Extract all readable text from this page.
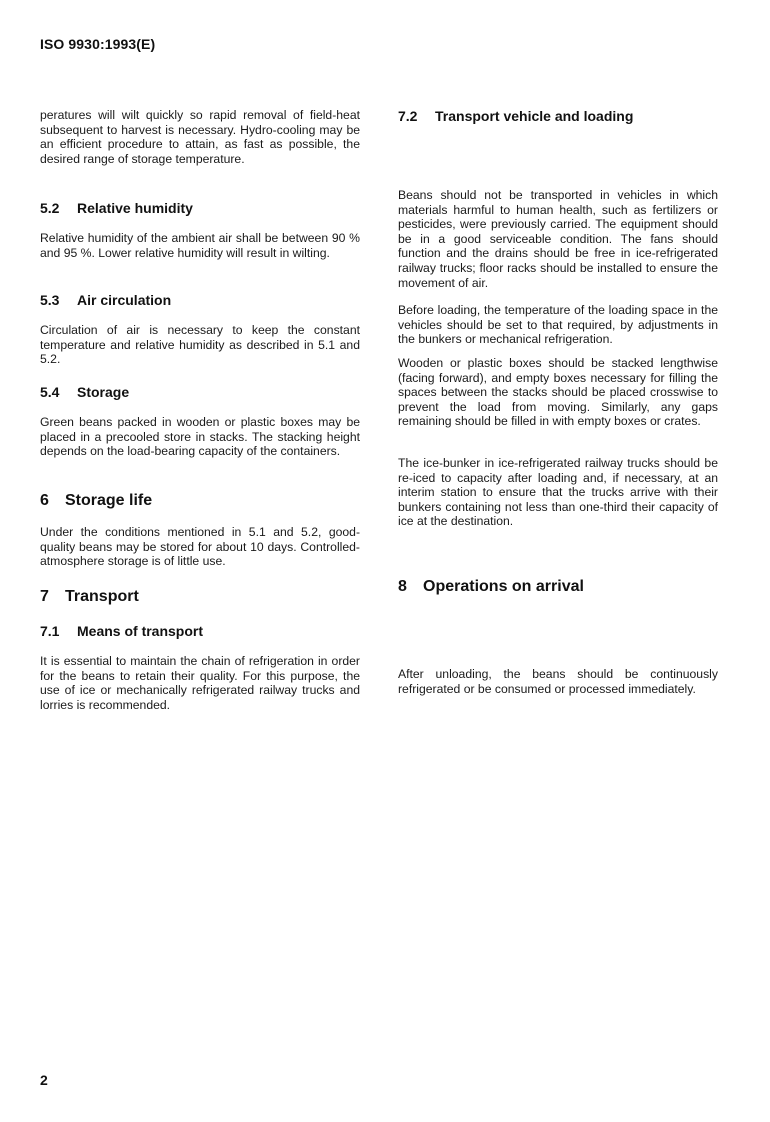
ISO 9930:1993(E)

peratures will wilt quickly so rapid removal of field-heat subsequent to harvest is necessary. Hydro-cooling may be an efficient procedure to attain, as fast as possible, the desired range of storage temperature.

5.2 Relative humidity

Relative humidity of the ambient air shall be between 90 % and 95 %. Lower relative humidity will result in wilting.

5.3 Air circulation

Circulation of air is necessary to keep the constant temperature and relative humidity as described in 5.1 and 5.2.

5.4 Storage

Green beans packed in wooden or plastic boxes may be placed in a precooled store in stacks. The stacking height depends on the load-bearing capacity of the containers.

6 Storage life

Under the conditions mentioned in 5.1 and 5.2, good-quality beans may be stored for about 10 days. Controlled-atmosphere storage is of little use.

7 Transport
7.1 Means of transport

It is essential to maintain the chain of refrigeration in order for the beans to retain their quality. For this purpose, the use of ice or mechanically refrigerated railway trucks and lorries is recommended.

7.2 Transport vehicle and loading

Beans should not be transported in vehicles in which materials harmful to human health, such as fertilizers or pesticides, were previously carried. The equipment should be in a good serviceable condition. The fans should function and the drains should be free in ice-refrigerated railway trucks; floor racks should be installed to ensure the movement of air.

Before loading, the temperature of the loading space in the vehicles should be set to that required, by adjustments in the bunkers or mechanical refrigeration.

Wooden or plastic boxes should be stacked lengthwise (facing forward), and empty boxes necessary for filling the spaces between the stacks should be placed crosswise to prevent the load from moving. Similarly, any gaps remaining should be filled in with empty boxes or crates.

The ice-bunker in ice-refrigerated railway trucks should be re-iced to capacity after loading and, if necessary, at an interim station to ensure that the trucks arrive with their bunkers containing not less than one-third their capacity of ice at the destination.

8 Operations on arrival

After unloading, the beans should be continuously refrigerated or be consumed or processed immediately.

2
